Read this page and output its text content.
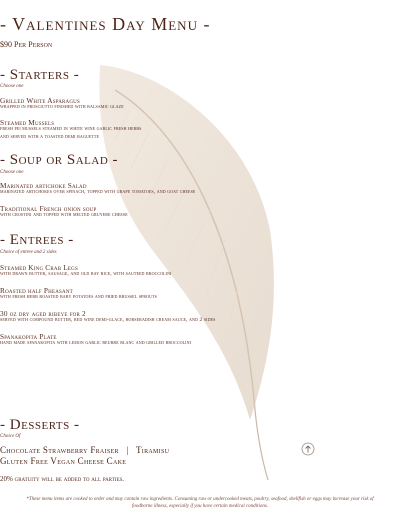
- Valentines Day Menu -
$90 Per Person
- Starters -
Choose one
Grilled White Asparagus
wrapped in prosciutto finished with balsamic glaze
Steamed Mussels
fresh pei mussels steamed in white wine garlic fresh herbs
and served with a toasted demi baguette
- Soup or Salad -
Choose one
Marinated artichoke Salad
marinated artichokes over spinach, topped with grape tomatoes, and goat cheese
Traditional French onion soup
with crostini and topped with melted gruyere cheese
- Entrees -
Choice of entree and 2 sides
Steamed King Crab Legs
with drawn butter, sausage, and old bay rice, with sauteed broccolini
Roasted half Pheasant
with fresh herb roasted baby potatoes and fried brussel sprouts
30 oz dry aged ribeye for 2
served with compound butter, red wine demi-glace, horseradish cream sauce, and 2 sides
Spanakopita Plate
hand made spanakopita with lemon garlic beurre blanc and grilled broccolini
- Desserts -
Choice Of
Chocolate Strawberry Fraiser   |   Tiramisu
Gluten Free Vegan Cheese Cake
20% gratuity will be added to all parties.
*These menu items are cooked to order and may contain raw ingredients. Consuming raw or undercooked meats, poultry, seafood, shellfish or eggs may increase your risk of foodborne illness, especially if you have certain medical conditions.
